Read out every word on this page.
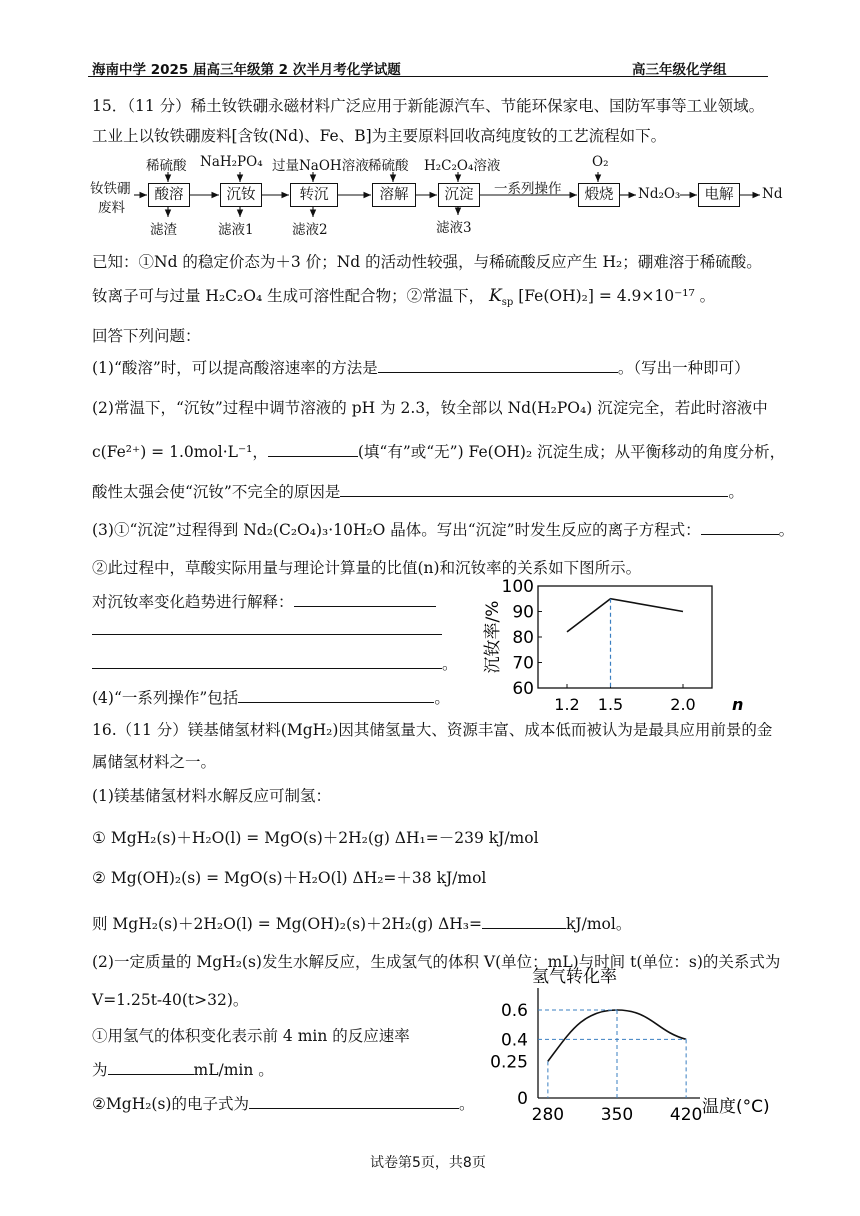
海南中学 2025 届高三年级第 2 次半月考化学试题	高三年级化学组
15．（11 分）稀土钕铁硼永磁材料广泛应用于新能源汽车、节能环保家电、国防军事等工业领域。
工业上以钕铁硼废料[含钕(Nd)、Fe、B]为主要原料回收高纯度钕的工艺流程如下。
钕铁硼
废料
稀硫酸 NaH₂PO₄ 过量NaOH溶液 稀硫酸 H₂C₂O₄溶液	O₂
酸溶	沉钕	转沉	溶解	沉淀	煅烧	电解
一系列操作	Nd₂O₃	Nd
滤渣	滤液1	滤液2	滤液3
已知：①Nd 的稳定价态为＋3 价；Nd 的活动性较强，与稀硫酸反应产生 H₂；硼难溶于稀硫酸。
钕离子可与过量 H₂C₂O₄ 生成可溶性配合物；②常温下， $K_{sp}$ [Fe(OH)₂] = 4.9×10⁻¹⁷ 。
回答下列问题：
(1)“酸溶”时，可以提高酸溶速率的方法是	。（写出一种即可）
(2)常温下，“沉钕”过程中调节溶液的 pH 为 2.3，钕全部以 Nd(H₂PO₄) 沉淀完全，若此时溶液中
c(Fe²⁺) = 1.0mol·L⁻¹，	(填“有”或“无”) Fe(OH)₂ 沉淀生成；从平衡移动的角度分析，
酸性太强会使“沉钕”不完全的原因是	。
(3)①“沉淀”过程得到 Nd₂(C₂O₄)₃·10H₂O 晶体。写出“沉淀”时发生反应的离子方程式：	。
②此过程中，草酸实际用量与理论计算量的比值(n)和沉钕率的关系如下图所示。
对沉钕率变化趋势进行解释：
。
(4)“一系列操作”包括	。	60
70
80
90
100
1.2 1.5	2.0 n
沉钕率/%
16.（11 分）镁基储氢材料(MgH₂)因其储氢量大、资源丰富、成本低而被认为是最具应用前景的金
属储氢材料之一。
(1)镁基储氢材料水解反应可制氢：
① MgH₂(s)＋H₂O(l) = MgO(s)＋2H₂(g) ΔH₁=－239 kJ/mol
② Mg(OH)₂(s) = MgO(s)＋H₂O(l) ΔH₂=＋38 kJ/mol
则 MgH₂(s)＋2H₂O(l) = Mg(OH)₂(s)＋2H₂(g) ΔH₃=	kJ/mol。
(2)一定质量的 MgH₂(s)发生水解反应，生成氢气的体积 V(单位：mL)与时间 t(单位：s)的关系式为
V=1.25t-40(t>32)。
①用氢气的体积变化表示前 4 min 的反应速率
为	mL/min 。
②MgH₂(s)的电子式为	。
氢气转化率
温度(°C)
0
0.25
0.4
0.6
280 350 420
试卷第5页，共8页
